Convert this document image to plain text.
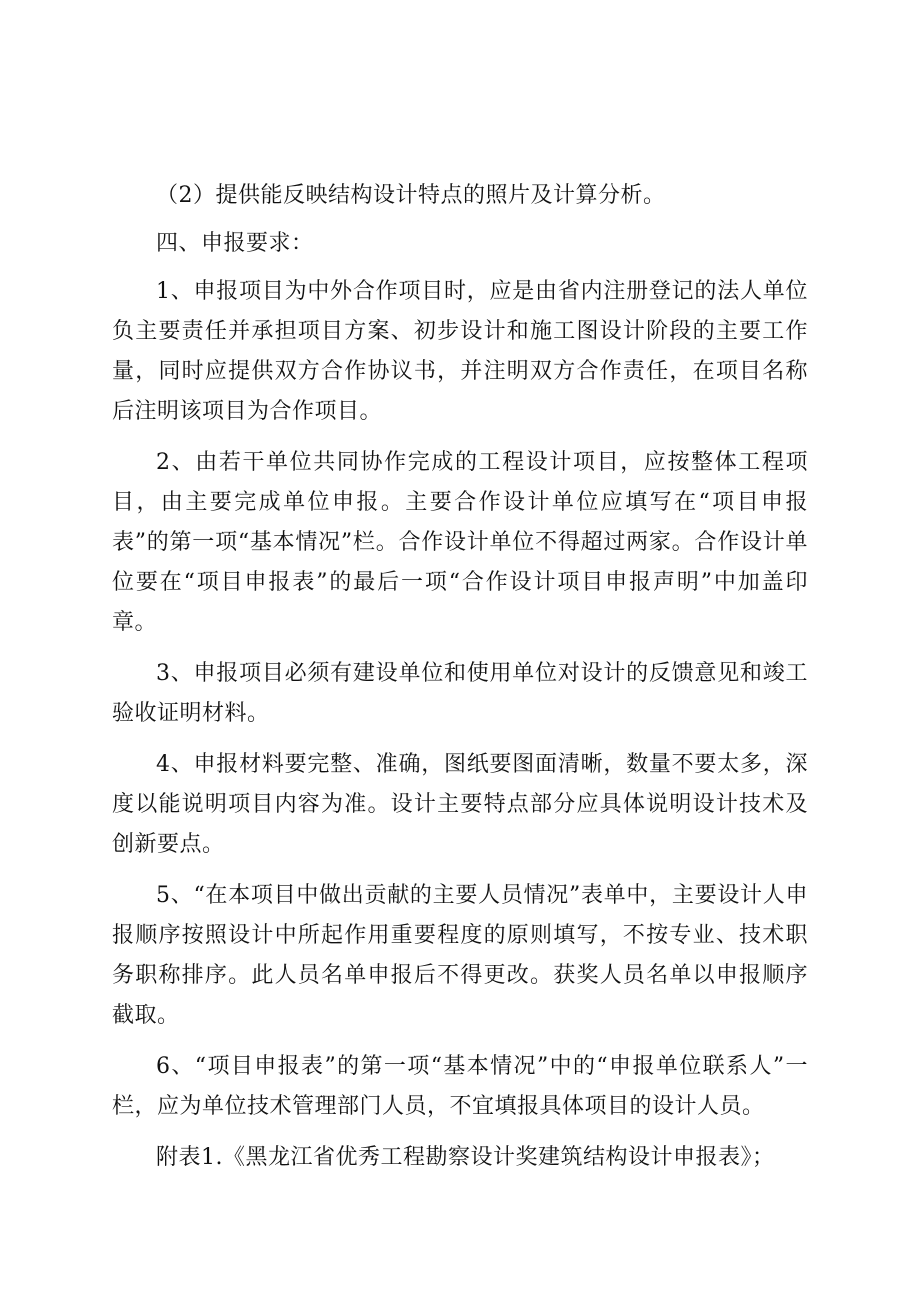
（2）提供能反映结构设计特点的照片及计算分析。

四、申报要求：

1、申报项目为中外合作项目时，应是由省内注册登记的法人单位负主要责任并承担项目方案、初步设计和施工图设计阶段的主要工作量，同时应提供双方合作协议书，并注明双方合作责任，在项目名称后注明该项目为合作项目。

2、由若干单位共同协作完成的工程设计项目，应按整体工程项目，由主要完成单位申报。主要合作设计单位应填写在“项目申报表”的第一项“基本情况”栏。合作设计单位不得超过两家。合作设计单位要在“项目申报表”的最后一项“合作设计项目申报声明”中加盖印章。

3、申报项目必须有建设单位和使用单位对设计的反馈意见和竣工验收证明材料。

4、申报材料要完整、准确，图纸要图面清晰，数量不要太多，深度以能说明项目内容为准。设计主要特点部分应具体说明设计技术及创新要点。

5、“在本项目中做出贡献的主要人员情况”表单中，主要设计人申报顺序按照设计中所起作用重要程度的原则填写，不按专业、技术职务职称排序。此人员名单申报后不得更改。获奖人员名单以申报顺序截取。

6、“项目申报表”的第一项“基本情况”中的“申报单位联系人”一栏，应为单位技术管理部门人员，不宜填报具体项目的设计人员。

附表1.《黑龙江省优秀工程勘察设计奖建筑结构设计申报表》；
